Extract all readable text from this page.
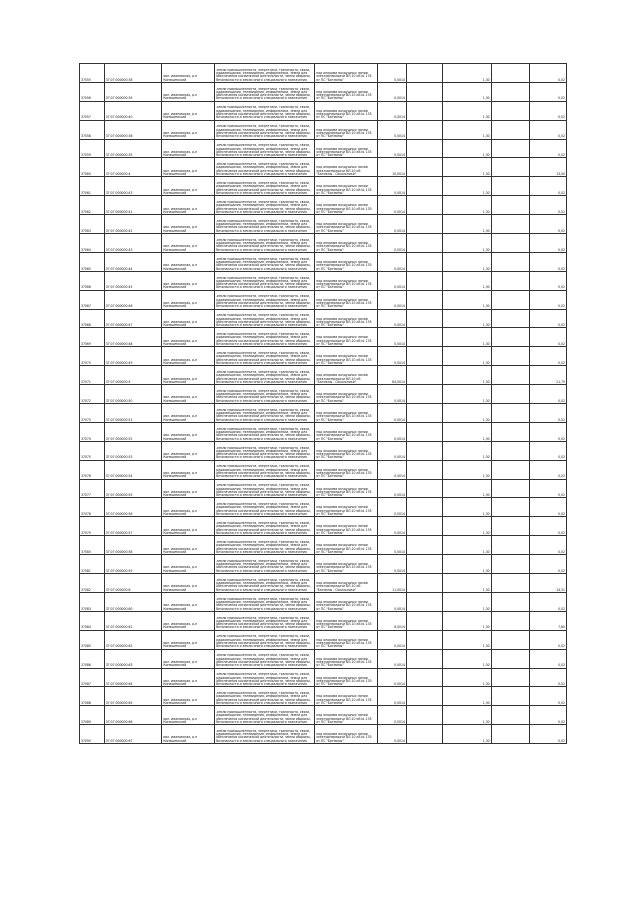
37055	37:07:000000:38	обл. Ивановская, р-н Кинешемский	Земли промышленности, энергетики, транспорта, связи, радиовещания, телевидения, информатики, земли для обеспечения космической деятельности, земли обороны, безопасности и земли иного специального назначения	под опорами воздушных линий электропередачи ВЛ-10 кВ № 135 от ПС "Батманы"	0,0014		1,30		0,02
37056	37:07:000000:39	обл. Ивановская, р-н Кинешемский	Земли промышленности, энергетики, транспорта, связи, радиовещания, телевидения, информатики, земли для обеспечения космической деятельности, земли обороны, безопасности и земли иного специального назначения	под опорами воздушных линий электропередачи ВЛ-10 кВ № 135 от ПС "Батманы"	0,0014		1,30		0,02
37057	37:07:000000:40	обл. Ивановская, р-н Кинешемский	Земли промышленности, энергетики, транспорта, связи, радиовещания, телевидения, информатики, земли для обеспечения космической деятельности, земли обороны, безопасности и земли иного специального назначения	под опорами воздушных линий электропередачи ВЛ-10 кВ № 135 от ПС "Батманы"	0,0014		1,30		0,02
37058	37:07:000000:36	обл. Ивановская, р-н Кинешемский	Земли промышленности, энергетики, транспорта, связи, радиовещания, телевидения, информатики, земли для обеспечения космической деятельности, земли обороны, безопасности и земли иного специального назначения	под опорами воздушных линий электропередачи ВЛ-10 кВ № 135 от ПС "Батманы"	0,0014		1,30		0,02
37059	37:07:000000:35	обл. Ивановская, р-н Кинешемский	Земли промышленности, энергетики, транспорта, связи, радиовещания, телевидения, информатики, земли для обеспечения космической деятельности, земли обороны, безопасности и земли иного специального назначения	под опорами воздушных линий электропередачи ВЛ-10 кВ № 135 от ПС "Батманы"	0,0014		1,30		0,02
37060	37:07:000000:4	обл. Ивановская, р-н Кинешемский	Земли промышленности, энергетики, транспорта, связи, радиовещания, телевидения, информатики, земли для обеспечения космической деятельности, земли обороны, безопасности и земли иного специального назначения	под опорами воздушных линий электропередачи ВЛ-10 кВ "Батманы - Сокольники"	10,0014		1,30		13,00
37061	37:07:000000:43	обл. Ивановская, р-н Кинешемский	Земли промышленности, энергетики, транспорта, связи, радиовещания, телевидения, информатики, земли для обеспечения космической деятельности, земли обороны, безопасности и земли иного специального назначения	под опорами воздушных линий электропередачи ВЛ-10 кВ № 135 от ПС "Батманы"	0,0014		1,30		0,02
37062	37:07:000000:41	обл. Ивановская, р-н Кинешемский	Земли промышленности, энергетики, транспорта, связи, радиовещания, телевидения, информатики, земли для обеспечения космической деятельности, земли обороны, безопасности и земли иного специального назначения	под опорами воздушных линий электропередачи ВЛ-10 кВ № 135 от ПС "Батманы"	0,0014		1,30		0,02
37063	37:07:000000:42	обл. Ивановская, р-н Кинешемский	Земли промышленности, энергетики, транспорта, связи, радиовещания, телевидения, информатики, земли для обеспечения космической деятельности, земли обороны, безопасности и земли иного специального назначения	под опорами воздушных линий электропередачи ВЛ-10 кВ № 135 от ПС "Батманы"	0,0014		1,30		0,02
37064	37:07:000000:43	обл. Ивановская, р-н Кинешемский	Земли промышленности, энергетики, транспорта, связи, радиовещания, телевидения, информатики, земли для обеспечения космической деятельности, земли обороны, безопасности и земли иного специального назначения	под опорами воздушных линий электропередачи ВЛ-10 кВ № 135 от ПС "Батманы"	0,0014		1,30		0,02
37065	37:07:000000:44	обл. Ивановская, р-н Кинешемский	Земли промышленности, энергетики, транспорта, связи, радиовещания, телевидения, информатики, земли для обеспечения космической деятельности, земли обороны, безопасности и земли иного специального назначения	под опорами воздушных линий электропередачи ВЛ-10 кВ № 135 от ПС "Батманы"	0,0014		1,30		0,02
37066	37:07:000000:45	обл. Ивановская, р-н Кинешемский	Земли промышленности, энергетики, транспорта, связи, радиовещания, телевидения, информатики, земли для обеспечения космической деятельности, земли обороны, безопасности и земли иного специального назначения	под опорами воздушных линий электропередачи ВЛ-10 кВ № 135 от ПС "Батманы"	0,0014		1,30		0,02
37067	37:07:000000:46	обл. Ивановская, р-н Кинешемский	Земли промышленности, энергетики, транспорта, связи, радиовещания, телевидения, информатики, земли для обеспечения космической деятельности, земли обороны, безопасности и земли иного специального назначения	под опорами воздушных линий электропередачи ВЛ-10 кВ № 135 от ПС "Батманы"	0,0014		1,30		0,02
37068	37:07:000000:47	обл. Ивановская, р-н Кинешемский	Земли промышленности, энергетики, транспорта, связи, радиовещания, телевидения, информатики, земли для обеспечения космической деятельности, земли обороны, безопасности и земли иного специального назначения	под опорами воздушных линий электропередачи ВЛ-10 кВ № 135 от ПС "Батманы"	0,0014		1,30		0,02
37069	37:07:000000:48	обл. Ивановская, р-н Кинешемский	Земли промышленности, энергетики, транспорта, связи, радиовещания, телевидения, информатики, земли для обеспечения космической деятельности, земли обороны, безопасности и земли иного специального назначения	под опорами воздушных линий электропередачи ВЛ-10 кВ № 135 от ПС "Батманы"	0,0014		1,30		0,02
37070	37:07:000000:49	обл. Ивановская, р-н Кинешемский	Земли промышленности, энергетики, транспорта, связи, радиовещания, телевидения, информатики, земли для обеспечения космической деятельности, земли обороны, безопасности и земли иного специального назначения	под опорами воздушных линий электропередачи ВЛ-10 кВ № 135 от ПС "Батманы"	0,0014		1,30		0,02
37071	37:07:000000:5	обл. Ивановская, р-н Кинешемский	Земли промышленности, энергетики, транспорта, связи, радиовещания, телевидения, информатики, земли для обеспечения космической деятельности, земли обороны, безопасности и земли иного специального назначения	под опорами воздушных линий электропередачи ВЛ-10 кВ "Батманы - Сокольники"	84,0014		1,30		21,79
37072	37:07:000000:50	обл. Ивановская, р-н Кинешемский	Земли промышленности, энергетики, транспорта, связи, радиовещания, телевидения, информатики, земли для обеспечения космической деятельности, земли обороны, безопасности и земли иного специального назначения	под опорами воздушных линий электропередачи ВЛ-10 кВ № 135 от ПС "Батманы"	0,0014		1,30		0,02
37073	37:07:000000:51	обл. Ивановская, р-н Кинешемский	Земли промышленности, энергетики, транспорта, связи, радиовещания, телевидения, информатики, земли для обеспечения космической деятельности, земли обороны, безопасности и земли иного специального назначения	под опорами воздушных линий электропередачи ВЛ-10 кВ № 135 от ПС "Батманы"	0,0014		1,30		0,02
37074	37:07:000000:52	обл. Ивановская, р-н Кинешемский	Земли промышленности, энергетики, транспорта, связи, радиовещания, телевидения, информатики, земли для обеспечения космической деятельности, земли обороны, безопасности и земли иного специального назначения	под опорами воздушных линий электропередачи ВЛ-10 кВ № 135 от ПС "Батманы"	0,0014		1,30		0,02
37075	37:07:000000:53	обл. Ивановская, р-н Кинешемский	Земли промышленности, энергетики, транспорта, связи, радиовещания, телевидения, информатики, земли для обеспечения космической деятельности, земли обороны, безопасности и земли иного специального назначения	под опорами воздушных линий электропередачи ВЛ-10 кВ № 135 от ПС "Батманы"	0,0014		1,30		0,02
37076	37:07:000000:54	обл. Ивановская, р-н Кинешемский	Земли промышленности, энергетики, транспорта, связи, радиовещания, телевидения, информатики, земли для обеспечения космической деятельности, земли обороны, безопасности и земли иного специального назначения	под опорами воздушных линий электропередачи ВЛ-10 кВ № 135 от ПС "Батманы"	0,0014		1,30		0,02
37077	37:07:000000:55	обл. Ивановская, р-н Кинешемский	Земли промышленности, энергетики, транспорта, связи, радиовещания, телевидения, информатики, земли для обеспечения космической деятельности, земли обороны, безопасности и земли иного специального назначения	под опорами воздушных линий электропередачи ВЛ-10 кВ № 135 от ПС "Батманы"	0,0014		1,30		0,02
37078	37:07:000000:56	обл. Ивановская, р-н Кинешемский	Земли промышленности, энергетики, транспорта, связи, радиовещания, телевидения, информатики, земли для обеспечения космической деятельности, земли обороны, безопасности и земли иного специального назначения	под опорами воздушных линий электропередачи ВЛ-10 кВ № 135 от ПС "Батманы"	0,0014		1,30		0,02
37079	37:07:000000:57	обл. Ивановская, р-н Кинешемский	Земли промышленности, энергетики, транспорта, связи, радиовещания, телевидения, информатики, земли для обеспечения космической деятельности, земли обороны, безопасности и земли иного специального назначения	под опорами воздушных линий электропередачи ВЛ-10 кВ № 135 от ПС "Батманы"	0,0014		1,30		0,02
37080	37:07:000000:58	обл. Ивановская, р-н Кинешемский	Земли промышленности, энергетики, транспорта, связи, радиовещания, телевидения, информатики, земли для обеспечения космической деятельности, земли обороны, безопасности и земли иного специального назначения	под опорами воздушных линий электропередачи ВЛ-10 кВ № 135 от ПС "Батманы"	0,0014		1,30		0,02
37081	37:07:000000:59	обл. Ивановская, р-н Кинешемский	Земли промышленности, энергетики, транспорта, связи, радиовещания, телевидения, информатики, земли для обеспечения космической деятельности, земли обороны, безопасности и земли иного специального назначения	под опорами воздушных линий электропередачи ВЛ-10 кВ № 135 от ПС "Батманы"	0,0014		1,30		0,02
37082	37:07:000000:6	обл. Ивановская, р-н Кинешемский	Земли промышленности, энергетики, транспорта, связи, радиовещания, телевидения, информатики, земли для обеспечения космической деятельности, земли обороны, безопасности и земли иного специального назначения	под опорами воздушных линий электропередачи ВЛ-10 кВ "Батманы - Сокольники"	11,0014		1,30		14,31
37083	37:07:000000:60	обл. Ивановская, р-н Кинешемский	Земли промышленности, энергетики, транспорта, связи, радиовещания, телевидения, информатики, земли для обеспечения космической деятельности, земли обороны, безопасности и земли иного специального назначения	под опорами воздушных линий электропередачи ВЛ-10 кВ № 135 от ПС "Батманы"	0,0014		1,30		0,02
37084	37:07:000000:61	обл. Ивановская, р-н Кинешемский	Земли промышленности, энергетики, транспорта, связи, радиовещания, телевидения, информатики, земли для обеспечения космической деятельности, земли обороны, безопасности и земли иного специального назначения	под опорами воздушных линий электропередачи ВЛ-10 кВ № 135 от ПС "Батманы"	6,0014		1,30		7,80
37085	37:07:000000:62	обл. Ивановская, р-н Кинешемский	Земли промышленности, энергетики, транспорта, связи, радиовещания, телевидения, информатики, земли для обеспечения космической деятельности, земли обороны, безопасности и земли иного специального назначения	под опорами воздушных линий электропередачи ВЛ-10 кВ № 135 от ПС "Батманы"	0,0014		1,30		0,02
37086	37:07:000000:63	обл. Ивановская, р-н Кинешемский	Земли промышленности, энергетики, транспорта, связи, радиовещания, телевидения, информатики, земли для обеспечения космической деятельности, земли обороны, безопасности и земли иного специального назначения	под опорами воздушных линий электропередачи ВЛ-10 кВ № 135 от ПС "Батманы"	0,0014		1,30		0,02
37087	37:07:000000:64	обл. Ивановская, р-н Кинешемский	Земли промышленности, энергетики, транспорта, связи, радиовещания, телевидения, информатики, земли для обеспечения космической деятельности, земли обороны, безопасности и земли иного специального назначения	под опорами воздушных линий электропередачи ВЛ-10 кВ № 135 от ПС "Батманы"	0,0014		1,30		0,02
37088	37:07:000000:65	обл. Ивановская, р-н Кинешемский	Земли промышленности, энергетики, транспорта, связи, радиовещания, телевидения, информатики, земли для обеспечения космической деятельности, земли обороны, безопасности и земли иного специального назначения	под опорами воздушных линий электропередачи ВЛ-10 кВ № 135 от ПС "Батманы"	0,0014		1,30		0,02
37089	37:07:000000:66	обл. Ивановская, р-н Кинешемский	Земли промышленности, энергетики, транспорта, связи, радиовещания, телевидения, информатики, земли для обеспечения космической деятельности, земли обороны, безопасности и земли иного специального назначения	под опорами воздушных линий электропередачи ВЛ-10 кВ № 135 от ПС "Батманы"	0,0014		1,30		0,02
37090	37:07:000000:67	обл. Ивановская, р-н Кинешемский	Земли промышленности, энергетики, транспорта, связи, радиовещания, телевидения, информатики, земли для обеспечения космической деятельности, земли обороны, безопасности и земли иного специального назначения	под опорами воздушных линий электропередачи ВЛ-10 кВ № 135 от ПС "Батманы"	0,0014		1,30		0,02
